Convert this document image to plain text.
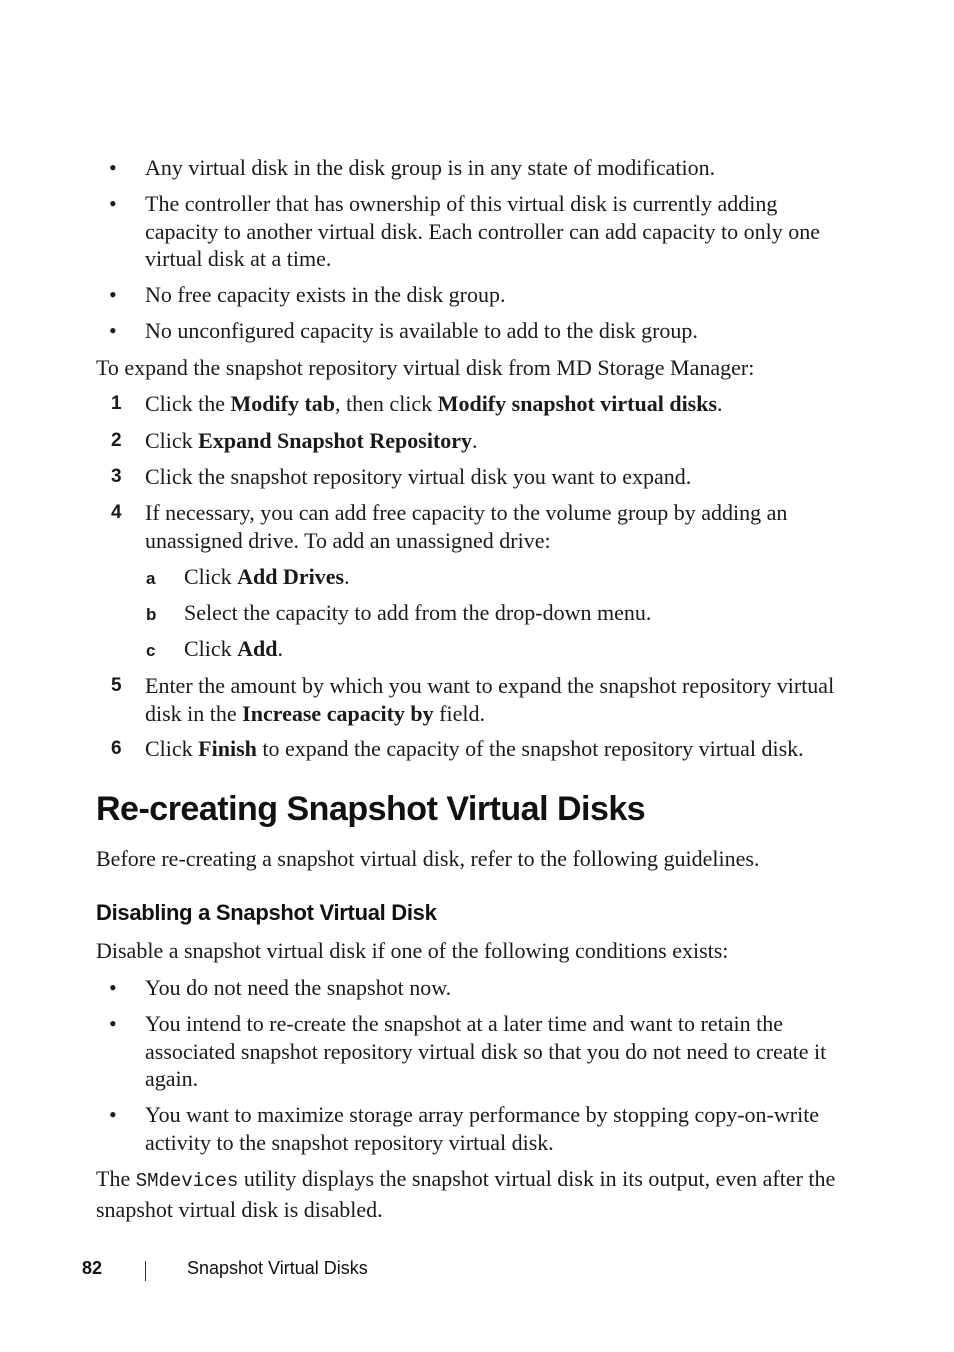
• Any virtual disk in the disk group is in any state of modification.
• The controller that has ownership of this virtual disk is currently adding capacity to another virtual disk. Each controller can add capacity to only one virtual disk at a time.
• No free capacity exists in the disk group.
• No unconfigured capacity is available to add to the disk group.

To expand the snapshot repository virtual disk from MD Storage Manager:

1 Click the Modify tab, then click Modify snapshot virtual disks.
2 Click Expand Snapshot Repository.
3 Click the snapshot repository virtual disk you want to expand.
4 If necessary, you can add free capacity to the volume group by adding an unassigned drive. To add an unassigned drive:
a Click Add Drives.
b Select the capacity to add from the drop-down menu.
c Click Add.
5 Enter the amount by which you want to expand the snapshot repository virtual disk in the Increase capacity by field.
6 Click Finish to expand the capacity of the snapshot repository virtual disk.
Re-creating Snapshot Virtual Disks

Before re-creating a snapshot virtual disk, refer to the following guidelines.

Disabling a Snapshot Virtual Disk

Disable a snapshot virtual disk if one of the following conditions exists:

• You do not need the snapshot now.
• You intend to re-create the snapshot at a later time and want to retain the associated snapshot repository virtual disk so that you do not need to create it again.
• You want to maximize storage array performance by stopping copy-on-write activity to the snapshot repository virtual disk.

The SMdevices utility displays the snapshot virtual disk in its output, even after the snapshot virtual disk is disabled.

82	Snapshot Virtual Disks
